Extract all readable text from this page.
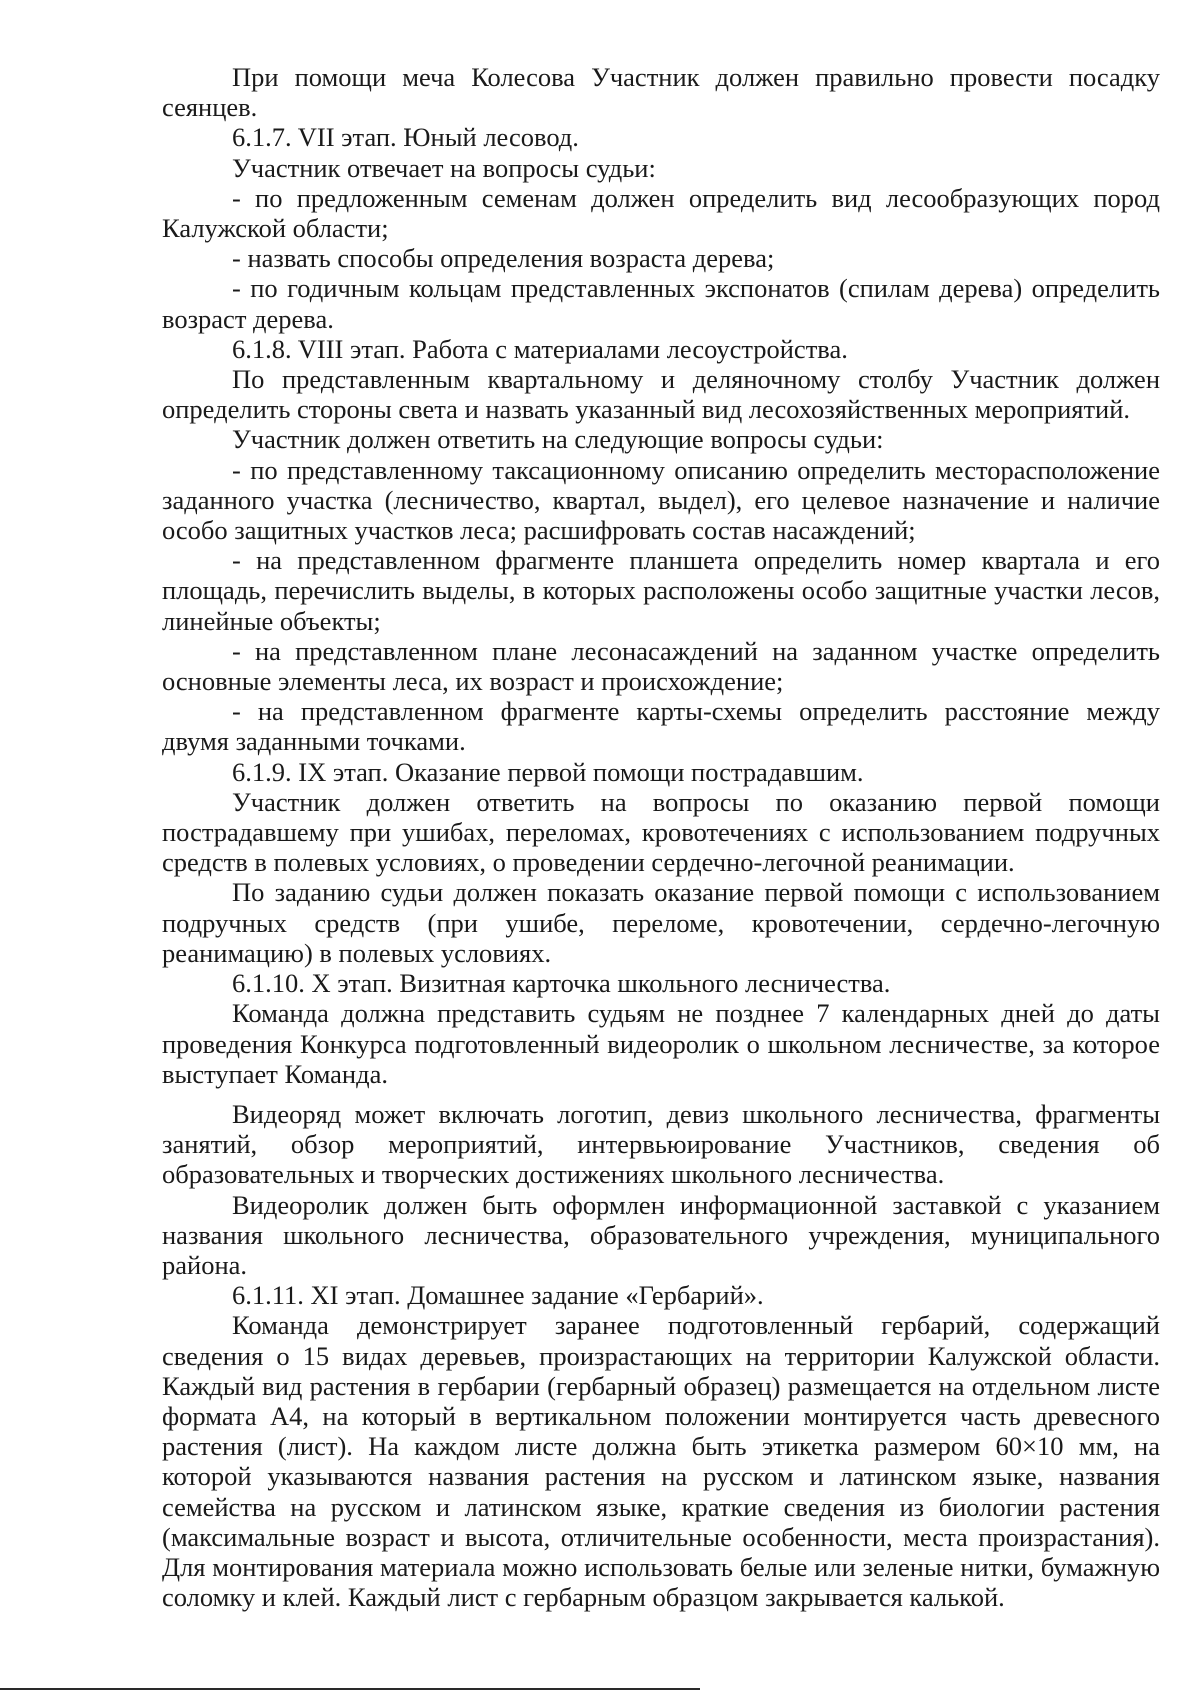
При помощи меча Колесова Участник должен правильно провести посадку сеянцев.

6.1.7. VII этап. Юный лесовод.

Участник отвечает на вопросы судьи:

- по предложенным семенам должен определить вид лесообразующих пород Калужской области;

- назвать способы определения возраста дерева;

- по годичным кольцам представленных экспонатов (спилам дерева) определить возраст дерева.

6.1.8. VIII этап. Работа с материалами лесоустройства.

По представленным квартальному и деляночному столбу Участник должен определить стороны света и назвать указанный вид лесохозяйственных мероприятий.

Участник должен ответить на следующие вопросы судьи:

- по представленному таксационному описанию определить месторасположение заданного участка (лесничество, квартал, выдел), его целевое назначение и наличие особо защитных участков леса; расшифровать состав насаждений;

- на представленном фрагменте планшета определить номер квартала и его площадь, перечислить выделы, в которых расположены особо защитные участки лесов, линейные объекты;

- на представленном плане лесонасаждений на заданном участке определить основные элементы леса, их возраст и происхождение;

- на представленном фрагменте карты-схемы определить расстояние между двумя заданными точками.

6.1.9. IX этап. Оказание первой помощи пострадавшим.

Участник должен ответить на вопросы по оказанию первой помощи пострадавшему при ушибах, переломах, кровотечениях с использованием подручных средств в полевых условиях, о проведении сердечно-легочной реанимации.

По заданию судьи должен показать оказание первой помощи с использованием подручных средств (при ушибе, переломе, кровотечении, сердечно-легочную реанимацию) в полевых условиях.

6.1.10. X этап. Визитная карточка школьного лесничества.

Команда должна представить судьям не позднее 7 календарных дней до даты проведения Конкурса подготовленный видеоролик о школьном лесничестве, за которое выступает Команда.

Видеоряд может включать логотип, девиз школьного лесничества, фрагменты занятий, обзор мероприятий, интервьюирование Участников, сведения об образовательных и творческих достижениях школьного лесничества.

Видеоролик должен быть оформлен информационной заставкой с указанием названия школьного лесничества, образовательного учреждения, муниципального района.

6.1.11. XI этап. Домашнее задание «Гербарий».

Команда демонстрирует заранее подготовленный гербарий, содержащий сведения о 15 видах деревьев, произрастающих на территории Калужской области. Каждый вид растения в гербарии (гербарный образец) размещается на отдельном листе формата А4, на который в вертикальном положении монтируется часть древесного растения (лист). На каждом листе должна быть этикетка размером 60×10 мм, на которой указываются названия растения на русском и латинском языке, названия семейства на русском и латинском языке, краткие сведения из биологии растения (максимальные возраст и высота, отличительные особенности, места произрастания). Для монтирования материала можно использовать белые или зеленые нитки, бумажную соломку и клей. Каждый лист с гербарным образцом закрывается калькой.
